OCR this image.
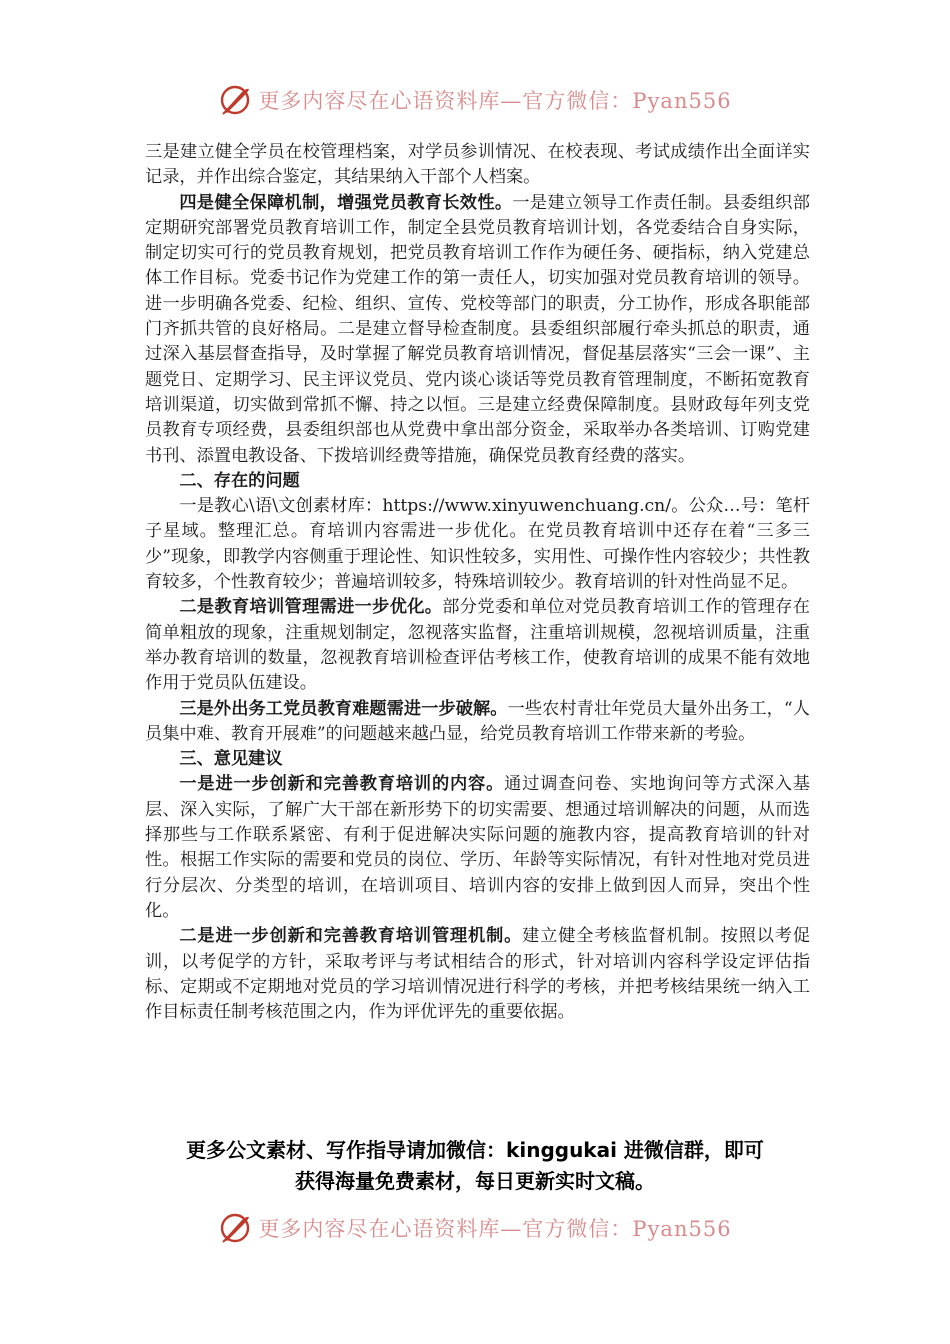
更多内容尽在心语资料库—官方微信：Pyan556

三是建立健全学员在校管理档案，对学员参训情况、在校表现、考试成绩作出全面详实记录，并作出综合鉴定，其结果纳入干部个人档案。

四是健全保障机制，增强党员教育长效性。一是建立领导工作责任制。县委组织部定期研究部署党员教育培训工作，制定全县党员教育培训计划，各党委结合自身实际，制定切实可行的党员教育规划，把党员教育培训工作作为硬任务、硬指标，纳入党建总体工作目标。党委书记作为党建工作的第一责任人，切实加强对党员教育培训的领导。进一步明确各党委、纪检、组织、宣传、党校等部门的职责，分工协作，形成各职能部门齐抓共管的良好格局。二是建立督导检查制度。县委组织部履行牵头抓总的职责，通过深入基层督查指导，及时掌握了解党员教育培训情况，督促基层落实“三会一课”、主题党日、定期学习、民主评议党员、党内谈心谈话等党员教育管理制度，不断拓宽教育培训渠道，切实做到常抓不懈、持之以恒。三是建立经费保障制度。县财政每年列支党员教育专项经费，县委组织部也从党费中拿出部分资金，采取举办各类培训、订购党建书刊、添置电教设备、下拨培训经费等措施，确保党员教育经费的落实。

二、存在的问题

一是教心\语\文创素材库：https://www.xinyuwenchuang.cn/。公众…号：笔杆子星域。整理汇总。育培训内容需进一步优化。在党员教育培训中还存在着“三多三少”现象，即教学内容侧重于理论性、知识性较多，实用性、可操作性内容较少；共性教育较多，个性教育较少；普遍培训较多，特殊培训较少。教育培训的针对性尚显不足。

二是教育培训管理需进一步优化。部分党委和单位对党员教育培训工作的管理存在简单粗放的现象，注重规划制定，忽视落实监督，注重培训规模，忽视培训质量，注重举办教育培训的数量，忽视教育培训检查评估考核工作，使教育培训的成果不能有效地作用于党员队伍建设。

三是外出务工党员教育难题需进一步破解。一些农村青壮年党员大量外出务工，“人员集中难、教育开展难”的问题越来越凸显，给党员教育培训工作带来新的考验。

三、意见建议

一是进一步创新和完善教育培训的内容。通过调查问卷、实地询问等方式深入基层、深入实际，了解广大干部在新形势下的切实需要、想通过培训解决的问题，从而选择那些与工作联系紧密、有利于促进解决实际问题的施教内容，提高教育培训的针对性。根据工作实际的需要和党员的岗位、学历、年龄等实际情况，有针对性地对党员进行分层次、分类型的培训，在培训项目、培训内容的安排上做到因人而异，突出个性化。

二是进一步创新和完善教育培训管理机制。建立健全考核监督机制。按照以考促训，以考促学的方针，采取考评与考试相结合的形式，针对培训内容科学设定评估指标、定期或不定期地对党员的学习培训情况进行科学的考核，并把考核结果统一纳入工作目标责任制考核范围之内，作为评优评先的重要依据。

更多公文素材、写作指导请加微信：kinggukai 进微信群，即可
获得海量免费素材，每日更新实时文稿。
更多内容尽在心语资料库—官方微信：Pyan556
